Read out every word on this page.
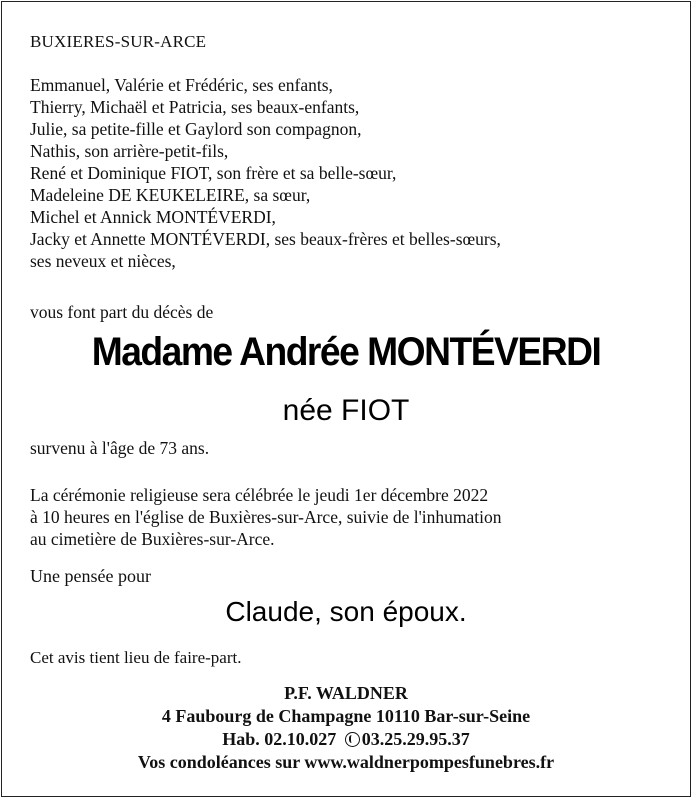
BUXIERES-SUR-ARCE
Emmanuel, Valérie et Frédéric, ses enfants,
Thierry, Michaël et Patricia, ses beaux-enfants,
Julie, sa petite-fille et Gaylord son compagnon,
Nathis, son arrière-petit-fils,
René et Dominique FIOT, son frère et sa belle-sœur,
Madeleine DE KEUKELEIRE, sa sœur,
Michel et Annick MONTÉVERDI,
Jacky et Annette MONTÉVERDI, ses beaux-frères et belles-sœurs,
ses neveux et nièces,
vous font part du décès de
Madame Andrée MONTÉVERDI
née FIOT
survenu à l'âge de 73 ans.
La cérémonie religieuse sera célébrée le jeudi 1er décembre 2022
à 10 heures en l'église de Buxières-sur-Arce, suivie de l'inhumation
au cimetière de Buxières-sur-Arce.
Une pensée pour
Claude, son époux.
Cet avis tient lieu de faire-part.
P.F. WALDNER
4 Faubourg de Champagne 10110 Bar-sur-Seine
Hab. 02.10.027 03.25.29.95.37
Vos condoléances sur www.waldnerpompesfunebres.fr
